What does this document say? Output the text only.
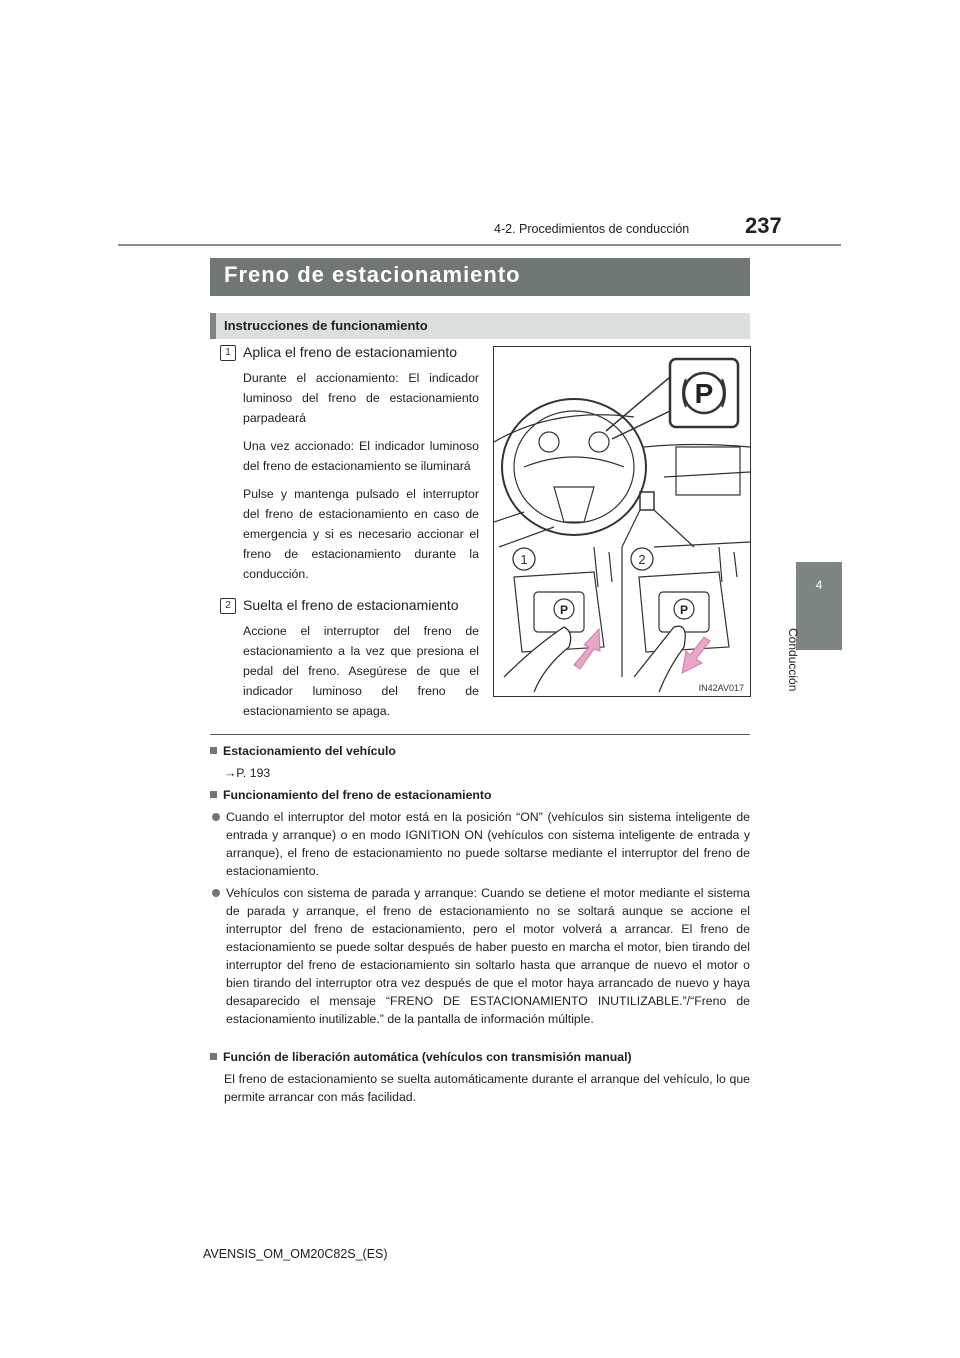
4-2. Procedimientos de conducción	237
4
Conducción
Freno de estacionamiento
Instrucciones de funcionamiento
1 Aplica el freno de estacionamiento

Durante el accionamiento: El indicador luminoso del freno de estacionamiento parpadeará

Una vez accionado: El indicador luminoso del freno de estacionamiento se iluminará

Pulse y mantenga pulsado el interruptor del freno de estacionamiento en caso de emergencia y si es necesario accionar el freno de estacionamiento durante la conducción.

2 Suelta el freno de estacionamiento

Accione el interruptor del freno de estacionamiento a la vez que presiona el pedal del freno. Asegúrese de que el indicador luminoso del freno de estacionamiento se apaga.

1	2
P
P	P
IN42AV017
Estacionamiento del vehículo
→P. 193
Funcionamiento del freno de estacionamiento
Cuando el interruptor del motor está en la posición “ON” (vehículos sin sistema inteligente de entrada y arranque) o en modo IGNITION ON (vehículos con sistema inteligente de entrada y arranque), el freno de estacionamiento no puede soltarse mediante el interruptor del freno de estacionamiento.
Vehículos con sistema de parada y arranque: Cuando se detiene el motor mediante el sistema de parada y arranque, el freno de estacionamiento no se soltará aunque se accione el interruptor del freno de estacionamiento, pero el motor volverá a arrancar. El freno de estacionamiento se puede soltar después de haber puesto en marcha el motor, bien tirando del interruptor del freno de estacionamiento sin soltarlo hasta que arranque de nuevo el motor o bien tirando del interruptor otra vez después de que el motor haya arrancado de nuevo y haya desaparecido el mensaje “FRENO DE ESTACIONAMIENTO INUTILIZABLE.”/“Freno de estacionamiento inutilizable.” de la pantalla de información múltiple.
Función de liberación automática (vehículos con transmisión manual)
El freno de estacionamiento se suelta automáticamente durante el arranque del vehículo, lo que permite arrancar con más facilidad.
AVENSIS_OM_OM20C82S_(ES)
